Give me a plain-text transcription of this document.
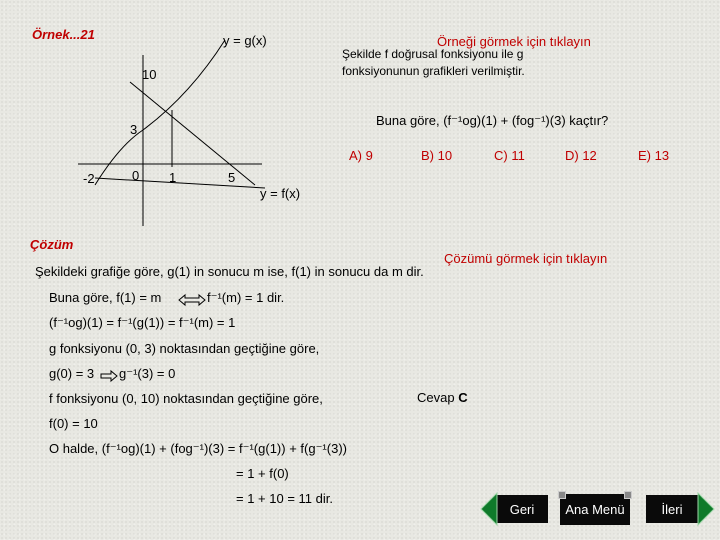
Örnek...21	y = g(x)
y = f(x)
10
3
-2	0 1	5
Örneği görmek için tıklayın
Şekilde f doğrusal fonksiyonu ile g
fonksiyonunun grafikleri verilmiştir.
Buna göre, (f⁻¹og)(1) + (fog⁻¹)(3) kaçtır?
A) 9	B) 10	C) 11	D) 12	E) 13
Çözüm
Çözümü görmek için tıklayın
Şekildeki grafiğe göre, g(1) in sonucu m ise, f(1) in sonucu da m dir.
Buna göre, f(1) = m	f⁻¹(m) = 1 dir.
(f⁻¹og)(1) = f⁻¹(g(1)) = f⁻¹(m) = 1
g fonksiyonu (0, 3) noktasından geçtiğine göre,
g(0) = 3 g⁻¹(3) = 0
f fonksiyonu (0, 10) noktasından geçtiğine göre,	Cevap C
f(0) = 10
O halde, (f⁻¹og)(1) + (fog⁻¹)(3) = f⁻¹(g(1)) + f(g⁻¹(3))
= 1 + f(0)
= 1 + 10 = 11 dir.
Geri Ana Menü	İleri
